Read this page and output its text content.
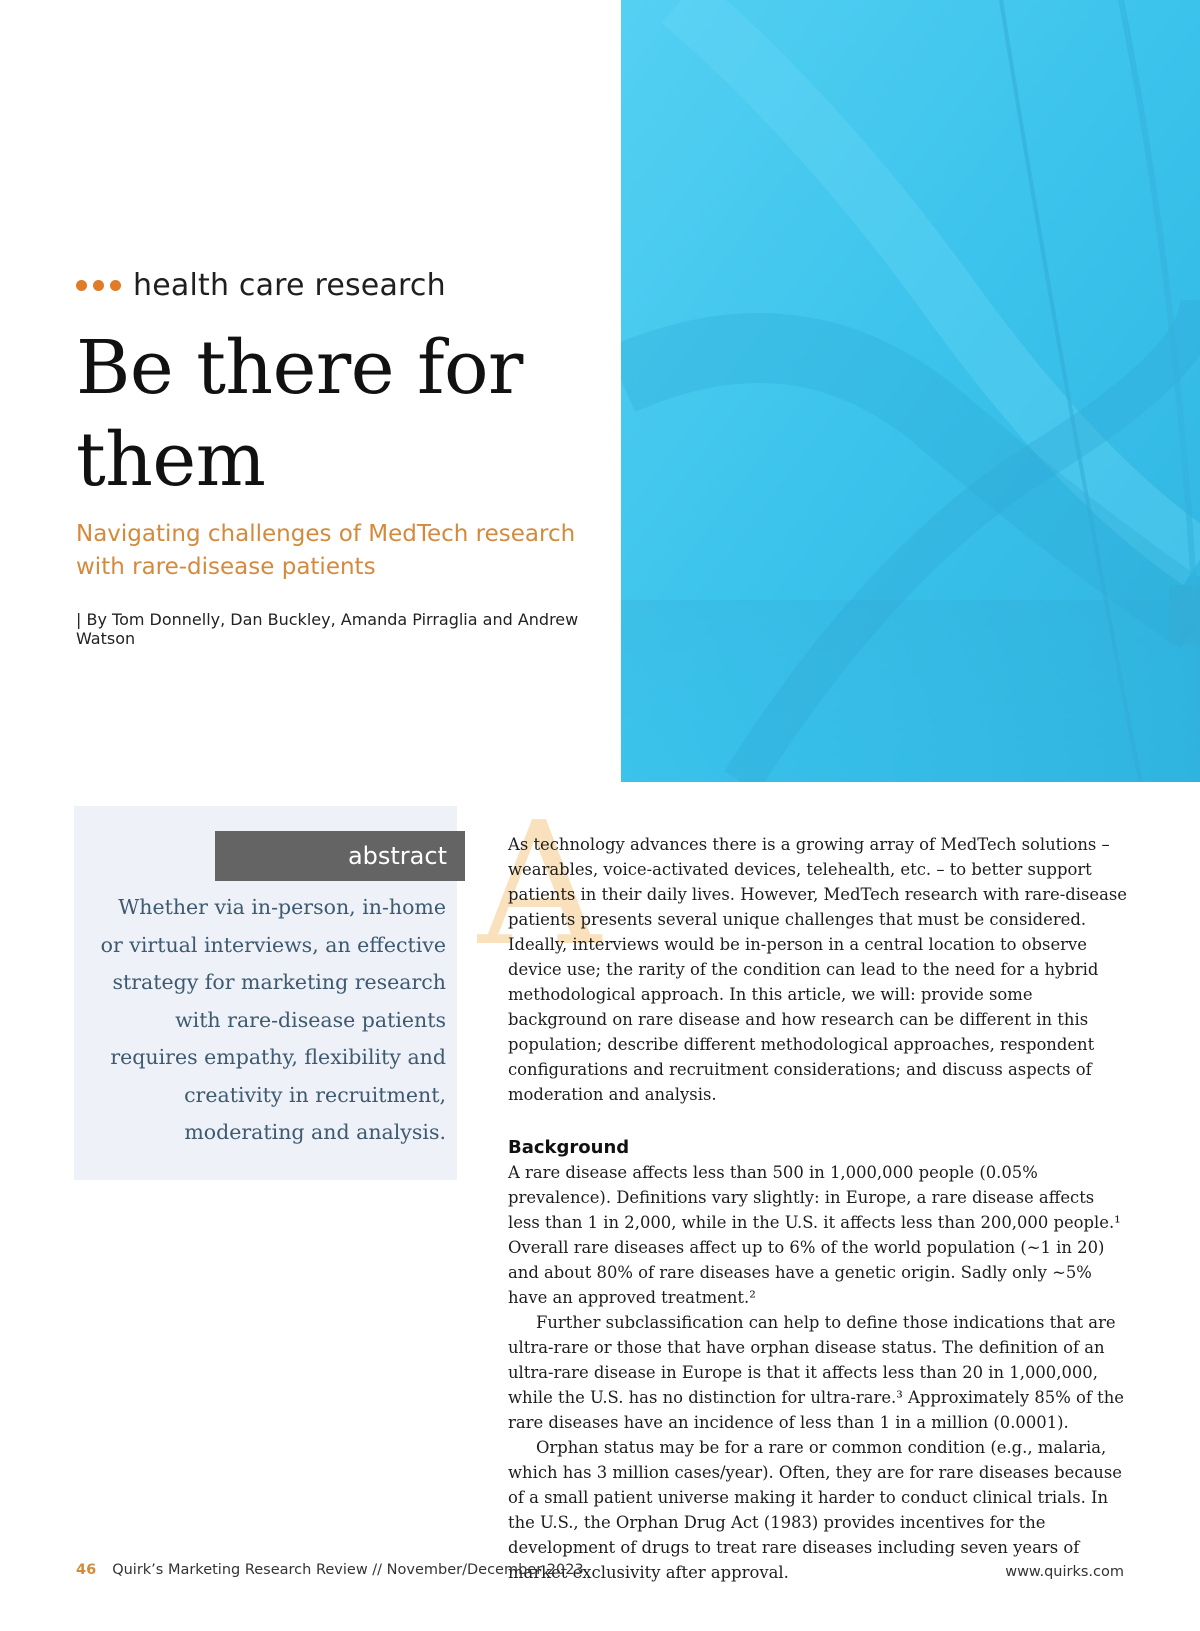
health care research
Be there for them

Navigating challenges of MedTech research with rare-disease patients

| By Tom Donnelly, Dan Buckley, Amanda Pirraglia and Andrew Watson
abstract

Whether via in-person, in-home or virtual interviews, an effective strategy for marketing research with rare-disease patients requires empathy, flexibility and creativity in recruitment, moderating and analysis.

A

As technology advances there is a growing array of MedTech solutions – wearables, voice-activated devices, telehealth, etc. – to better support patients in their daily lives. However, MedTech research with rare-disease patients presents several unique challenges that must be considered. Ideally, interviews would be in-person in a central location to observe device use; the rarity of the condition can lead to the need for a hybrid methodological approach. In this article, we will: provide some background on rare disease and how research can be different in this population; describe different methodological approaches, respondent configurations and recruitment considerations; and discuss aspects of moderation and analysis.

Background

A rare disease affects less than 500 in 1,000,000 people (0.05% prevalence). Definitions vary slightly: in Europe, a rare disease affects less than 1 in 2,000, while in the U.S. it affects less than 200,000 people.¹ Overall rare diseases affect up to 6% of the world population (~1 in 20) and about 80% of rare diseases have a genetic origin. Sadly only ~5% have an approved treatment.²

Further subclassification can help to define those indications that are ultra-rare or those that have orphan disease status. The definition of an ultra-rare disease in Europe is that it affects less than 20 in 1,000,000, while the U.S. has no distinction for ultra-rare.³ Approximately 85% of the rare diseases have an incidence of less than 1 in a million (0.0001).

Orphan status may be for a rare or common condition (e.g., malaria, which has 3 million cases/year). Often, they are for rare diseases because of a small patient universe making it harder to conduct clinical trials. In the U.S., the Orphan Drug Act (1983) provides incentives for the development of drugs to treat rare diseases including seven years of market exclusivity after approval.

46 Quirk’s Marketing Research Review // November/December 2023	www.quirks.com
